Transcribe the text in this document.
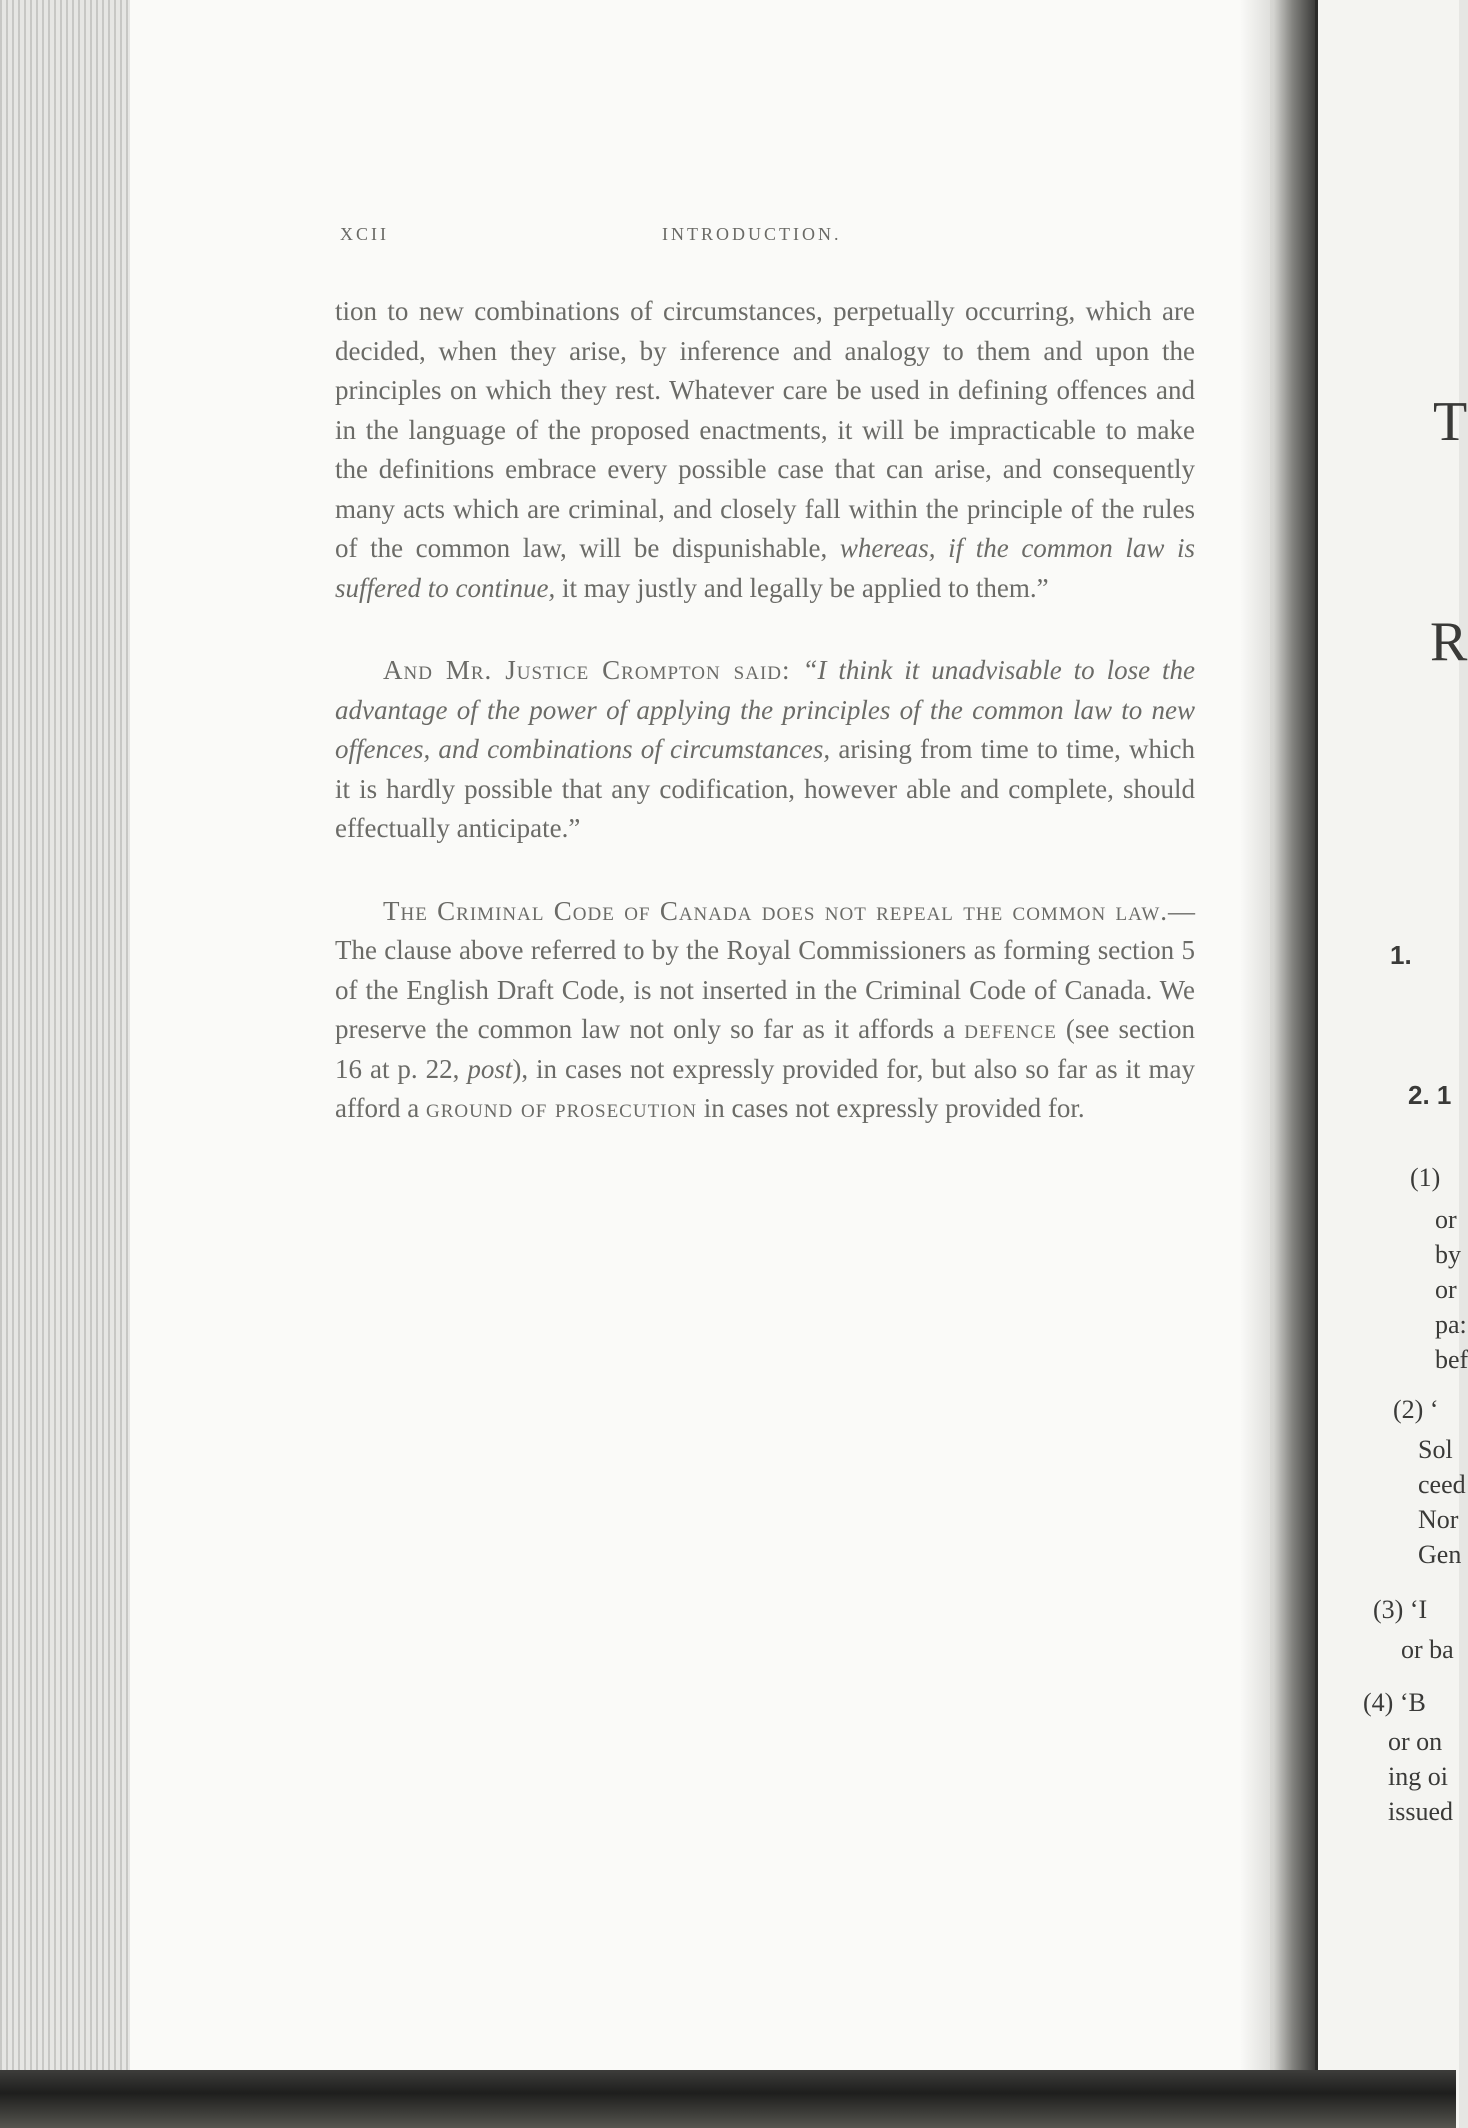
XCII	INTRODUCTION.

tion to new combinations of circumstances, perpetually occurring, which are decided, when they arise, by inference and analogy to them and upon the principles on which they rest. Whatever care be used in defining offences and in the language of the proposed enactments, it will be impracticable to make the definitions embrace every possible case that can arise, and consequently many acts which are criminal, and closely fall within the principle of the rules of the common law, will be dispunishable, whereas, if the common law is suffered to continue, it may justly and legally be applied to them.”

And Mr. Justice Crompton said: “I think it unadvisable to lose the advantage of the power of applying the principles of the common law to new offences, and combinations of circumstances, arising from time to time, which it is hardly possible that any codification, however able and complete, should effectually anticipate.”

The Criminal Code of Canada does not repeal the common law.—The clause above referred to by the Royal Commissioners as forming section 5 of the English Draft Code, is not inserted in the Criminal Code of Canada. We preserve the common law not only so far as it affords a defence (see section 16 at p. 22, post), in cases not expressly provided for, but also so far as it may afford a ground of prosecution in cases not expressly provided for.

T
R
1.
2. 1
(1)
or
by
or
pa:
bef
(2) ‘
Sol
ceed
Nor
Gen
(3) ‘I
or ba
(4) ‘B
or on
ing oi
issued
